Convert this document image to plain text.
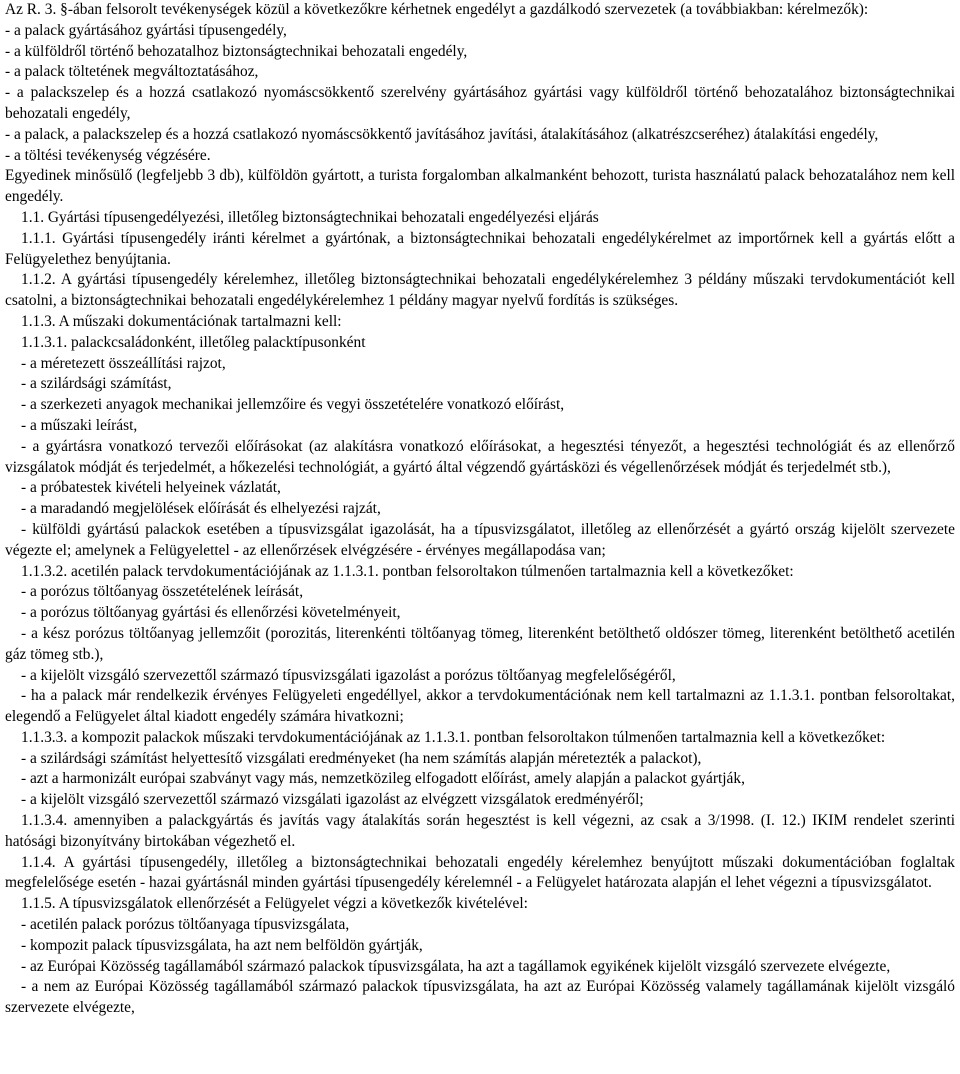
Az R. 3. §-ában felsorolt tevékenységek közül a következőkre kérhetnek engedélyt a gazdálkodó szervezetek (a továbbiakban: kérelmezők):

- a palack gyártásához gyártási típusengedély,

- a külföldről történő behozatalhoz biztonságtechnikai behozatali engedély,

- a palack töltetének megváltoztatásához,

- a palackszelep és a hozzá csatlakozó nyomáscsökkentő szerelvény gyártásához gyártási vagy külföldről történő behozatalához biztonságtechnikai behozatali engedély,

- a palack, a palackszelep és a hozzá csatlakozó nyomáscsökkentő javításához javítási, átalakításához (alkatrészcseréhez) átalakítási engedély,

- a töltési tevékenység végzésére.

Egyedinek minősülő (legfeljebb 3 db), külföldön gyártott, a turista forgalomban alkalmanként behozott, turista használatú palack behozatalához nem kell engedély.

1.1. Gyártási típusengedélyezési, illetőleg biztonságtechnikai behozatali engedélyezési eljárás

1.1.1. Gyártási típusengedély iránti kérelmet a gyártónak, a biztonságtechnikai behozatali engedélykérelmet az importőrnek kell a gyártás előtt a Felügyelethez benyújtania.

1.1.2. A gyártási típusengedély kérelemhez, illetőleg biztonságtechnikai behozatali engedélykérelemhez 3 példány műszaki tervdokumentációt kell csatolni, a biztonságtechnikai behozatali engedélykérelemhez 1 példány magyar nyelvű fordítás is szükséges.

1.1.3. A műszaki dokumentációnak tartalmazni kell:

1.1.3.1. palackcsaládonként, illetőleg palacktípusonként

- a méretezett összeállítási rajzot,

- a szilárdsági számítást,

- a szerkezeti anyagok mechanikai jellemzőire és vegyi összetételére vonatkozó előírást,

- a műszaki leírást,

- a gyártásra vonatkozó tervezői előírásokat (az alakításra vonatkozó előírásokat, a hegesztési tényezőt, a hegesztési technológiát és az ellenőrző vizsgálatok módját és terjedelmét, a hőkezelési technológiát, a gyártó által végzendő gyártásközi és végellenőrzések módját és terjedelmét stb.),

- a próbatestek kivételi helyeinek vázlatát,

- a maradandó megjelölések előírását és elhelyezési rajzát,

- külföldi gyártású palackok esetében a típusvizsgálat igazolását, ha a típusvizsgálatot, illetőleg az ellenőrzését a gyártó ország kijelölt szervezete végezte el; amelynek a Felügyelettel - az ellenőrzések elvégzésére - érvényes megállapodása van;

1.1.3.2. acetilén palack tervdokumentációjának az 1.1.3.1. pontban felsoroltakon túlmenően tartalmaznia kell a következőket:

- a porózus töltőanyag összetételének leírását,

- a porózus töltőanyag gyártási és ellenőrzési követelményeit,

- a kész porózus töltőanyag jellemzőit (porozitás, literenkénti töltőanyag tömeg, literenként betölthető oldószer tömeg, literenként betölthető acetilén gáz tömeg stb.),

- a kijelölt vizsgáló szervezettől származó típusvizsgálati igazolást a porózus töltőanyag megfelelőségéről,

- ha a palack már rendelkezik érvényes Felügyeleti engedéllyel, akkor a tervdokumentációnak nem kell tartalmazni az 1.1.3.1. pontban felsoroltakat, elegendő a Felügyelet által kiadott engedély számára hivatkozni;

1.1.3.3. a kompozit palackok műszaki tervdokumentációjának az 1.1.3.1. pontban felsoroltakon túlmenően tartalmaznia kell a következőket:

- a szilárdsági számítást helyettesítő vizsgálati eredményeket (ha nem számítás alapján méretezték a palackot),

- azt a harmonizált európai szabványt vagy más, nemzetközileg elfogadott előírást, amely alapján a palackot gyártják,

- a kijelölt vizsgáló szervezettől származó vizsgálati igazolást az elvégzett vizsgálatok eredményéről;

1.1.3.4. amennyiben a palackgyártás és javítás vagy átalakítás során hegesztést is kell végezni, az csak a 3/1998. (I. 12.) IKIM rendelet szerinti hatósági bizonyítvány birtokában végezhető el.

1.1.4. A gyártási típusengedély, illetőleg a biztonságtechnikai behozatali engedély kérelemhez benyújtott műszaki dokumentációban foglaltak megfelelősége esetén - hazai gyártásnál minden gyártási típusengedély kérelemnél - a Felügyelet határozata alapján el lehet végezni a típusvizsgálatot.

1.1.5. A típusvizsgálatok ellenőrzését a Felügyelet végzi a következők kivételével:

- acetilén palack porózus töltőanyaga típusvizsgálata,

- kompozit palack típusvizsgálata, ha azt nem belföldön gyártják,

- az Európai Közösség tagállamából származó palackok típusvizsgálata, ha azt a tagállamok egyikének kijelölt vizsgáló szervezete elvégezte,

- a nem az Európai Közösség tagállamából származó palackok típusvizsgálata, ha azt az Európai Közösség valamely tagállamának kijelölt vizsgáló szervezete elvégezte,
